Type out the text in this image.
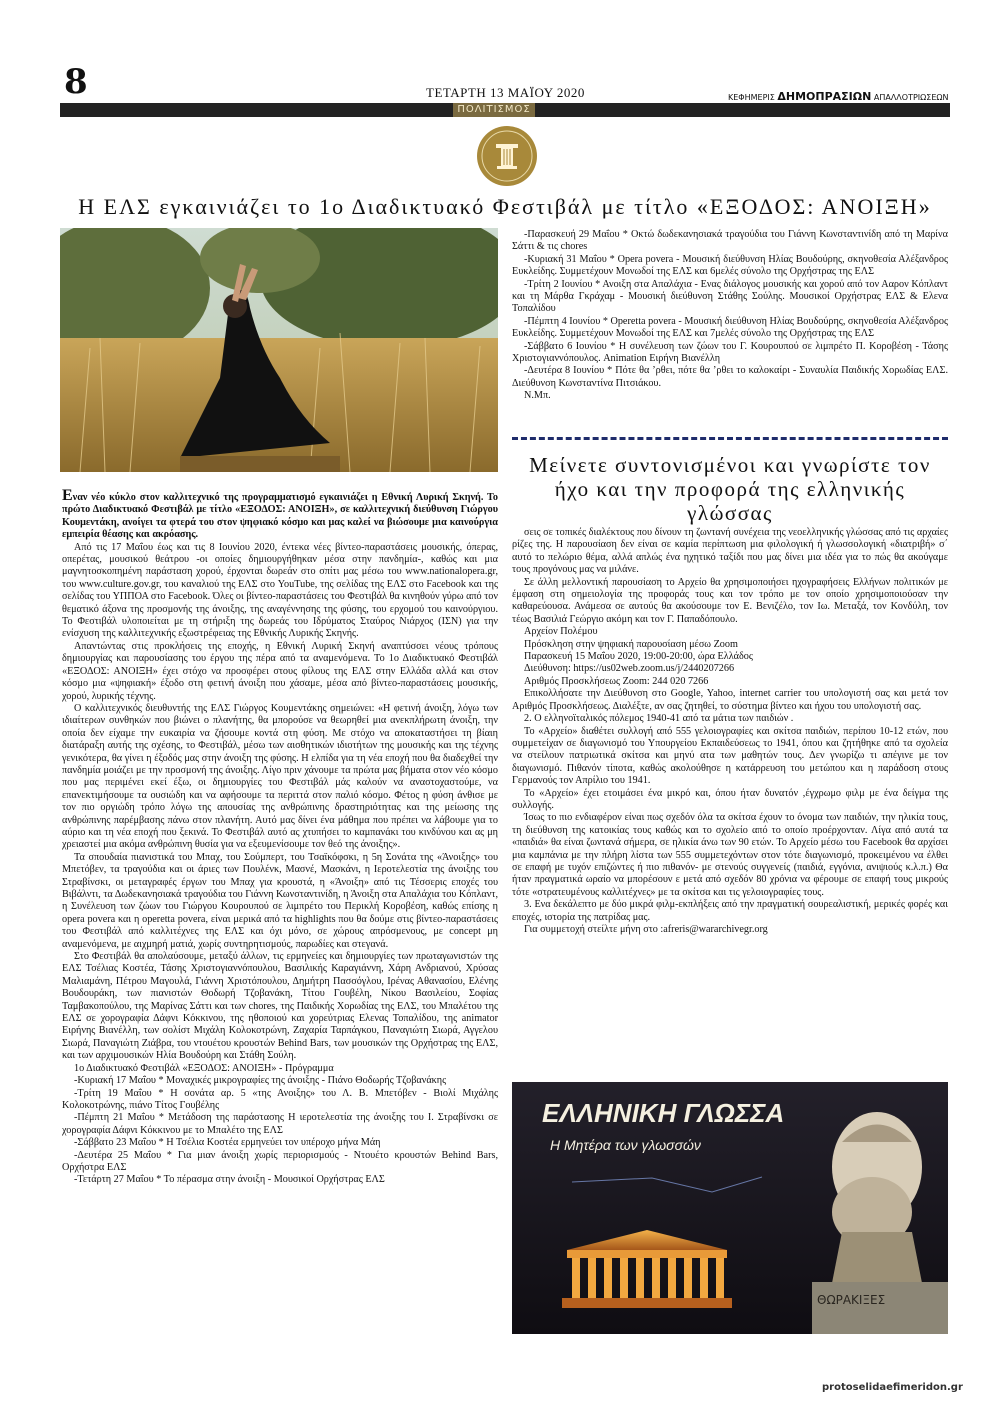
8	ΤΕΤΑΡΤΗ 13 ΜΑΪΟΥ 2020	ΚΕΦΗΜΕΡΙΣ ΔΗΜΟΠΡΑΣΙΩΝ ΑΠΑΛΛΟΤΡΙΩΣΕΩΝ
ΠΟΛΙΤΙΣΜΟΣ
Η ΕΛΣ εγκαινιάζει το 1ο Διαδικτυακό Φεστιβάλ με τίτλο «ΕΞΟΔΟΣ: ΑΝΟΙΞΗ»

Εναν νέο κύκλο στον καλλιτεχνικό της προγραμματισμό εγκαινιάζει η Εθνική Λυρική Σκηνή. Το πρώτο Διαδικτυακό Φεστιβάλ με τίτλο «ΕΞΟΔΟΣ: ΑΝΟΙΞΗ», σε καλλιτεχνική διεύθυνση Γιώργου Κουμεντάκη, ανοίγει τα φτερά του στον ψηφιακό κόσμο και μας καλεί να βιώσουμε μια καινούργια εμπειρία θέασης και ακρόασης.

Από τις 17 Μαΐου έως και τις 8 Ιουνίου 2020, έντεκα νέες βίντεο-παραστάσεις μουσικής, όπερας, οπερέτας, μουσικού θεάτρου -οι οποίες δημιουργήθηκαν μέσα στην πανδημία-, καθώς και μια μαγνητοσκοπημένη παράσταση χορού, έρχονται δωρεάν στο σπίτι μας μέσω του www.nationalopera.gr, του www.culture.gov.gr, του καναλιού της ΕΛΣ στο YouTube, της σελίδας της ΕΛΣ στο Facebook και της σελίδας του ΥΠΠΟΑ στο Facebook. Όλες οι βίντεο-παραστάσεις του Φεστιβάλ θα κινηθούν γύρω από τον θεματικό άξονα της προσμονής της άνοιξης, της αναγέννησης της φύσης, του ερχομού του καινούργιου. Το Φεστιβάλ υλοποιείται με τη στήριξη της δωρεάς του Ιδρύματος Σταύρος Νιάρχος (ΙΣΝ) για την ενίσχυση της καλλιτεχνικής εξωστρέφειας της Εθνικής Λυρικής Σκηνής.

Απαντώντας στις προκλήσεις της εποχής, η Εθνική Λυρική Σκηνή αναπτύσσει νέους τρόπους δημιουργίας και παρουσίασης του έργου της πέρα από τα αναμενόμενα. Το 1ο Διαδικτυακό Φεστιβάλ «ΕΞΟΔΟΣ: ΑΝΟΙΞΗ» έχει στόχο να προσφέρει στους φίλους της ΕΛΣ στην Ελλάδα αλλά και στον κόσμο μια «ψηφιακή» έξοδο στη φετινή άνοιξη που χάσαμε, μέσα από βίντεο-παραστάσεις μουσικής, χορού, λυρικής τέχνης.

Ο καλλιτεχνικός διευθυντής της ΕΛΣ Γιώργος Κουμεντάκης σημειώνει: «Η φετινή άνοιξη, λόγω των ιδιαίτερων συνθηκών που βιώνει ο πλανήτης, θα μπορούσε να θεωρηθεί μια ανεκπλήρωτη άνοιξη, την οποία δεν είχαμε την ευκαιρία να ζήσουμε κοντά στη φύση. Με στόχο να αποκαταστήσει τη βίαιη διατάραξη αυτής της σχέσης, το Φεστιβάλ, μέσω των αισθητικών ιδιοτήτων της μουσικής και της τέχνης γενικότερα, θα γίνει η έξοδός μας στην άνοιξη της φύσης. Η ελπίδα για τη νέα εποχή που θα διαδεχθεί την πανδημία μοιάζει με την προσμονή της άνοιξης. Λίγο πριν χάνουμε τα πρώτα μας βήματα στον νέο κόσμο που μας περιμένει εκεί έξω, οι δημιουργίες του Φεστιβάλ μάς καλούν να αναστοχαστούμε, να επανεκτιμήσουμε τα ουσιώδη και να αφήσουμε τα περιττά στον παλιό κόσμο. Φέτος η φύση άνθισε με τον πιο οργιώδη τρόπο λόγω της απουσίας της ανθρώπινης δραστηριότητας και της μείωσης της ανθρώπινης παρέμβασης πάνω στον πλανήτη. Αυτό μας δίνει ένα μάθημα που πρέπει να λάβουμε για το αύριο και τη νέα εποχή που ξεκινά. Το Φεστιβάλ αυτό ας χτυπήσει το καμπανάκι του κινδύνου και ας μη χρειαστεί μια ακόμα ανθρώπινη θυσία για να εξευμενίσουμε τον θεό της άνοιξης».

Τα σπουδαία πιανιστικά του Μπαχ, του Σούμπερτ, του Τσαϊκόφσκι, η 5η Σονάτα της «Άνοιξης» του Μπετόβεν, τα τραγούδια και οι άριες των Πουλένκ, Μασνέ, Μασκάνι, η Ιεροτελεστία της άνοιξης του Στραβίνσκι, οι μεταγραφές έργων του Μπαχ για κρουστά, η «Άνοιξη» από τις Τέσσερις εποχές του Βιβάλντι, τα Δωδεκανησιακά τραγούδια του Γιάννη Κωνσταντινίδη, η Άνοιξη στα Απαλάχια του Κόπλαντ, η Συνέλευση των ζώων του Γιώργου Κουρουπού σε λιμπρέτο του Περικλή Κοροβέση, καθώς επίσης η opera povera και η operetta povera, είναι μερικά από τα highlights που θα δούμε στις βίντεο-παραστάσεις του Φεστιβάλ από καλλιτέχνες της ΕΛΣ και όχι μόνο, σε χώρους απρόσμενους, με concept μη αναμενόμενα, με αιχμηρή ματιά, χωρίς συντηρητισμούς, παρωδίες και στεγανά.

Στο Φεστιβάλ θα απολαύσουμε, μεταξύ άλλων, τις ερμηνείες και δημιουργίες των πρωταγωνιστών της ΕΛΣ Τσέλιας Κοστέα, Τάσης Χριστογιαννόπουλου, Βασιλικής Καραγιάννη, Χάρη Ανδριανού, Χρύσας Μαλιαμάνη, Πέτρου Μαγουλά, Γιάννη Χριστόπουλου, Δημήτρη Πασσόγλου, Ιρένας Αθανασίου, Ελένης Βουδουράκη, των πιανιστών Θοδωρή Τζοβανάκη, Τίτου Γουβέλη, Νίκου Βασιλείου, Σοφίας Ταμβακοπούλου, της Μαρίνας Σάττι και των chores, της Παιδικής Χορωδίας της ΕΛΣ, του Μπαλέτου της ΕΛΣ σε χορογραφία Δάφνι Κόκκινου, της ηθοποιού και χορεύτριας Ελενας Τοπαλίδου, της animator Ειρήνης Βιανέλλη, των σολίστ Μιχάλη Κολοκοτρώνη, Ζαχαρία Ταρπάγκου, Παναγιώτη Σιωρά, Αγγελου Σιωρά, Παναγιώτη Ζιάβρα, του ντουέτου κρουστών Behind Bars, των μουσικών της Ορχήστρας της ΕΛΣ, και των αρχιμουσικών Ηλία Βουδούρη και Στάθη Σούλη.

1ο Διαδικτυακό Φεστιβάλ «ΕΞΟΔΟΣ: ΑΝΟΙΞΗ» - Πρόγραμμα

-Κυριακή 17 Μαΐου * Μοναχικές μικρογραφίες της άνοιξης - Πιάνο Θοδωρής Τζοβανάκης

-Τρίτη 19 Μαΐου * Η σονάτα αρ. 5 «της Ανοιξης» του Λ. Β. Μπετόβεν - Βιολί Μιχάλης Κολοκοτρώνης, πιάνο Τίτος Γουβέλης

-Πέμπτη 21 Μαΐου * Μετάδοση της παράστασης Η ιεροτελεστία της άνοιξης του Ι. Στραβίνσκι σε χορογραφία Δάφνι Κόκκινου με το Μπαλέτο της ΕΛΣ

-Σάββατο 23 Μαΐου * Η Τσέλια Κοστέα ερμηνεύει τον υπέροχο μήνα Μάη

-Δευτέρα 25 Μαΐου * Για μιαν άνοιξη χωρίς περιορισμούς - Ντουέτο κρουστών Behind Bars, Ορχήστρα ΕΛΣ

-Τετάρτη 27 Μαΐου * Το πέρασμα στην άνοιξη - Μουσικοί Ορχήστρας ΕΛΣ

-Παρασκευή 29 Μαΐου * Οκτώ δωδεκανησιακά τραγούδια του Γιάννη Κωνσταντινίδη από τη Μαρίνα Σάττι & τις chores

-Κυριακή 31 Μαΐου * Opera povera - Μουσική διεύθυνση Ηλίας Βουδούρης, σκηνοθεσία Αλέξανδρος Ευκλείδης. Συμμετέχουν Μονωδοί της ΕΛΣ και 6μελές σύνολο της Ορχήστρας της ΕΛΣ

-Τρίτη 2 Ιουνίου * Ανοιξη στα Απαλάχια - Ενας διάλογος μουσικής και χορού από τον Ααρον Κόπλαντ και τη Μάρθα Γκράχαμ - Μουσική διεύθυνση Στάθης Σούλης. Μουσικοί Ορχήστρας ΕΛΣ & Ελενα Τοπαλίδου

-Πέμπτη 4 Ιουνίου * Operetta povera - Μουσική διεύθυνση Ηλίας Βουδούρης, σκηνοθεσία Αλέξανδρος Ευκλείδης. Συμμετέχουν Μονωδοί της ΕΛΣ και 7μελές σύνολο της Ορχήστρας της ΕΛΣ

-Σάββατο 6 Ιουνίου * Η συνέλευση των ζώων του Γ. Κουρουπού σε λιμπρέτο Π. Κοροβέση - Τάσης Χριστογιαννόπουλος. Animation Ειρήνη Βιανέλλη

-Δευτέρα 8 Ιουνίου * Πότε θα ’ρθει, πότε θα ’ρθει το καλοκαίρι - Συναυλία Παιδικής Χορωδίας ΕΛΣ. Διεύθυνση Κωνσταντίνα Πιτσιάκου.

Ν.Μπ.

Μείνετε συντονισμένοι και γνωρίστε τον ήχο και την προφορά της ελληνικής γλώσσας

σεις σε τοπικές διαλέκτους που δίνουν τη ζωντανή συνέχεια της νεοελληνικής γλώσσας από τις αρχαίες ρίζες της. Η παρουσίαση δεν είναι σε καμία περίπτωση μια φιλολογική ή γλωσσολογική «διατριβή» σ΄ αυτό το πελώριο θέμα, αλλά απλώς ένα ηχητικό ταξίδι που μας δίνει μια ιδέα για το πώς θα ακούγαμε τους προγόνους μας να μιλάνε.

Σε άλλη μελλοντική παρουσίαση το Αρχείο θα χρησιμοποιήσει ηχογραφήσεις Ελλήνων πολιτικών με έμφαση στη σημειολογία της προφοράς τους και τον τρόπο με τον οποίο χρησιμοποιούσαν την καθαρεύουσα. Ανάμεσα σε αυτούς θα ακούσουμε τον Ε. Βενιζέλο, τον Ιω. Μεταξά, τον Κονδύλη, τον τέως Βασιλιά Γεώργιο ακόμη και τον Γ. Παπαδόπουλο.

Αρχείον Πολέμου

Πρόσκληση στην ψηφιακή παρουσίαση μέσω Zoom

Παρασκευή 15 Μαΐου 2020, 19:00-20:00, ώρα Ελλάδος

Διεύθυνση: https://us02web.zoom.us/j/2440207266

Αριθμός Προσκλήσεως Zoom: 244 020 7266

Επικολλήσατε την Διεύθυνση στο Google, Yahoo, internet carrier του υπολογιστή σας και μετά τον Αριθμός Προσκλήσεως. Διαλέξτε, αν σας ζητηθεί, το σύστημα βίντεο και ήχου του υπολογιστή σας.

2. Ο ελληνοϊταλικός πόλεμος 1940-41 από τα μάτια των παιδιών .

Το «Αρχείο» διαθέτει συλλογή από 555 γελοιογραφίες και σκίτσα παιδιών, περίπου 10-12 ετών, που συμμετείχαν σε διαγωνισμό του Υπουργείου Εκπαιδεύσεως το 1941, όπου και ζητήθηκε από τα σχολεία να στείλουν πατριωτικά σκίτσα και μηνύ ατα των μαθητών τους. Δεν γνωρίζω τι απέγινε με τον διαγωνισμό. Πιθανόν τίποτα, καθώς ακολούθησε η κατάρρευση του μετώπου και η παράδοση στους Γερμανούς τον Απρίλιο του 1941.

Το «Αρχείο» έχει ετοιμάσει ένα μικρό και, όπου ήταν δυνατόν ,έγχρωμο φιλμ με ένα δείγμα της συλλογής.

Ίσως το πιο ενδιαφέρον είναι πως σχεδόν όλα τα σκίτσα έχουν το όνομα των παιδιών, την ηλικία τους, τη διεύθυνση της κατοικίας τους καθώς και το σχολείο από το οποίο προέρχονταν. Λίγα από αυτά τα «παιδιά» θα είναι ζωντανά σήμερα, σε ηλικία άνω των 90 ετών. Το Αρχείο μέσω του Facebook θα αρχίσει μια καμπάνια με την πλήρη λίστα των 555 συμμετεχόντων στον τότε διαγωνισμό, προκειμένου να έλθει σε επαφή με τυχόν επιζώντες ή πιο πιθανόν- με στενούς συγγενείς (παιδιά, εγγόνια, ανιψιούς κ.λ.π.) Θα ήταν πραγματικά ωραίο να μπορέσουν ε μετά από σχεδόν 80 χρόνια να φέρουμε σε επαφή τους μικρούς τότε «στρατευμένους καλλιτέχνες» με τα σκίτσα και τις γελοιογραφίες τους.

3. Ενα δεκάλεπτο με δύο μικρά φιλμ-εκπλήξεις από την πραγματική σουρεαλιστική, μερικές φορές και εποχές, ιστορία της πατρίδας μας.

Για συμμετοχή στείλτε μήνη στο :afreris@wararchivegr.org

ΕΛΛΗΝΙΚΗ ΓΛΩΣΣΑ
Η Μητέρα των γλωσσών
ΘΩΡΑΚΙΞΕΣ
protoselidaefimeridon.gr
